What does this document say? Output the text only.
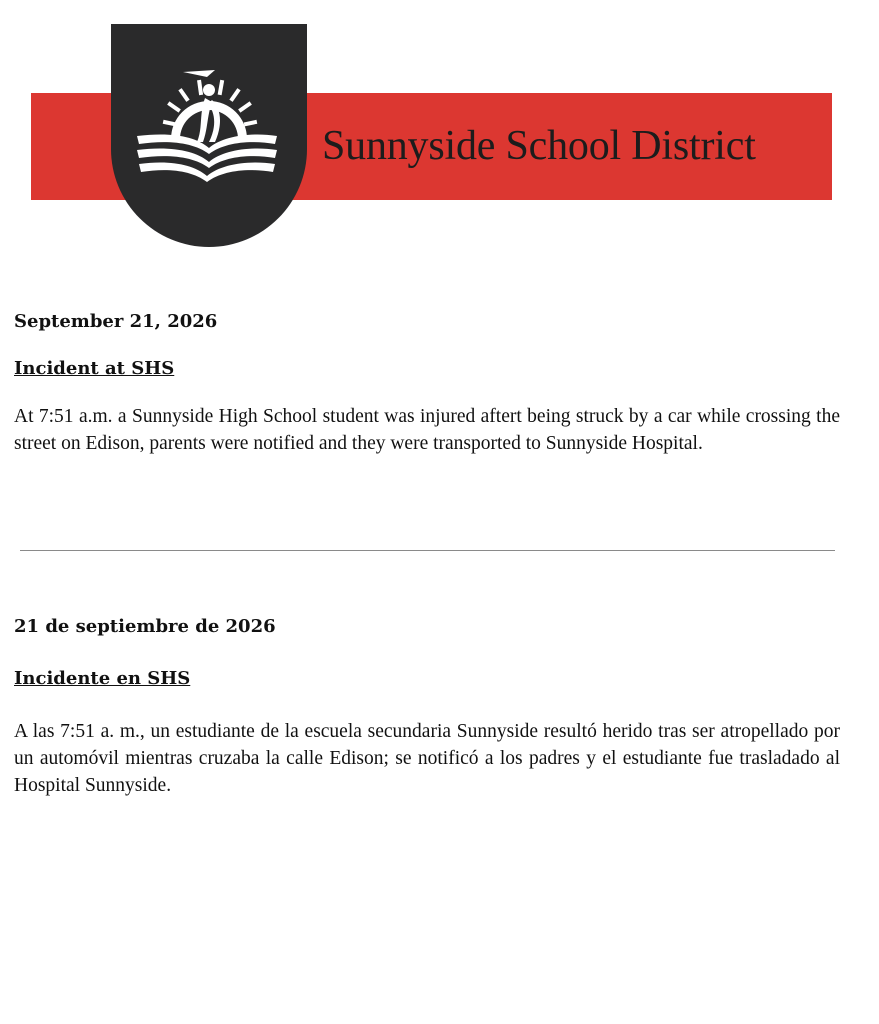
Sunnyside School District

September 21, 2026

Incident at SHS

At 7:51 a.m. a Sunnyside High School student was injured aftert being struck by a car while crossing the street on Edison, parents were notified and they were transported to Sunnyside Hospital.

21 de septiembre de 2026

Incidente en SHS

A las 7:51 a. m., un estudiante de la escuela secundaria Sunnyside resultó herido tras ser atropellado por un automóvil mientras cruzaba la calle Edison; se notificó a los padres y el estudiante fue trasladado al Hospital Sunnyside.
